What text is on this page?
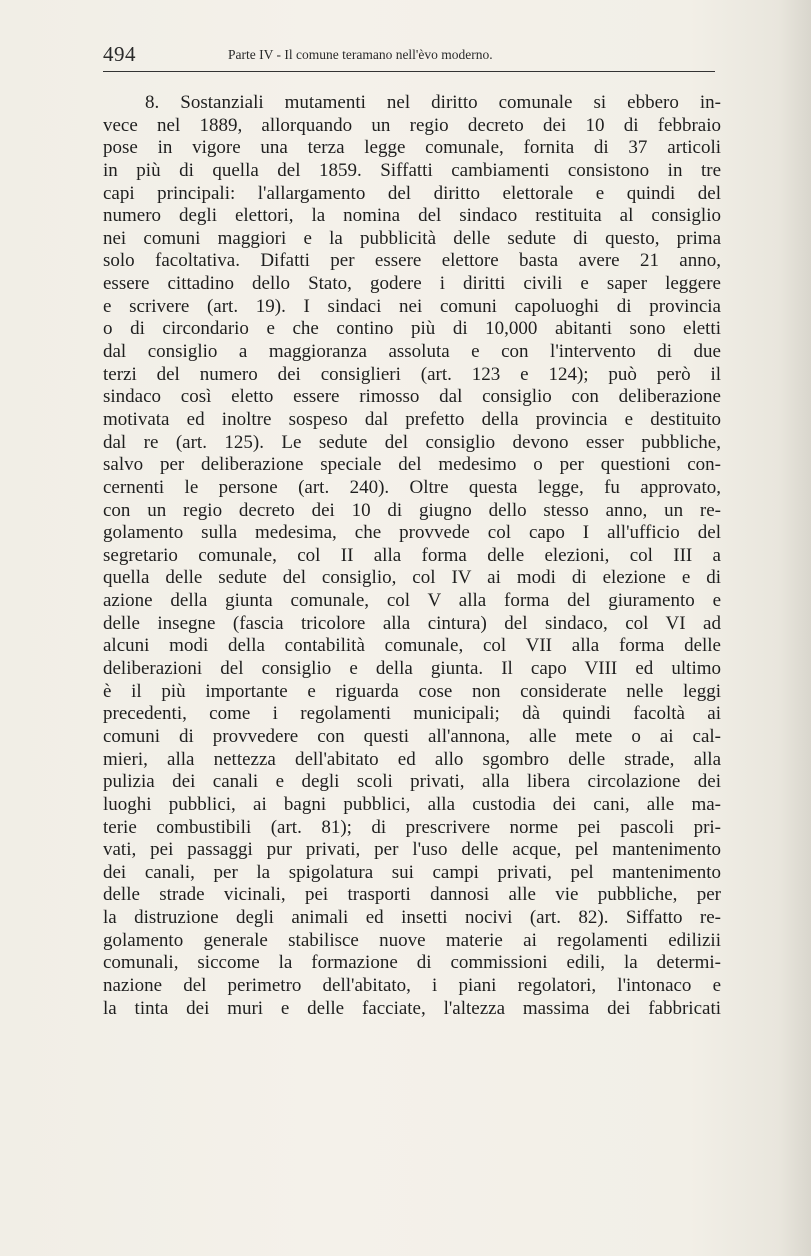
494	Parte IV - Il comune teramano nell'èvo moderno.
8. Sostanziali mutamenti nel diritto comunale si ebbero in-
vece nel 1889, allorquando un regio decreto dei 10 di febbraio
pose in vigore una terza legge comunale, fornita di 37 articoli
in più di quella del 1859. Siffatti cambiamenti consistono in tre
capi principali: l'allargamento del diritto elettorale e quindi del
numero degli elettori, la nomina del sindaco restituita al consiglio
nei comuni maggiori e la pubblicità delle sedute di questo, prima
solo facoltativa. Difatti per essere elettore basta avere 21 anno,
essere cittadino dello Stato, godere i diritti civili e saper leggere
e scrivere (art. 19). I sindaci nei comuni capoluoghi di provincia
o di circondario e che contino più di 10,000 abitanti sono eletti
dal consiglio a maggioranza assoluta e con l'intervento di due
terzi del numero dei consiglieri (art. 123 e 124); può però il
sindaco così eletto essere rimosso dal consiglio con deliberazione
motivata ed inoltre sospeso dal prefetto della provincia e destituito
dal re (art. 125). Le sedute del consiglio devono esser pubbliche,
salvo per deliberazione speciale del medesimo o per questioni con-
cernenti le persone (art. 240). Oltre questa legge, fu approvato,
con un regio decreto dei 10 di giugno dello stesso anno, un re-
golamento sulla medesima, che provvede col capo I all'ufficio del
segretario comunale, col II alla forma delle elezioni, col III a
quella delle sedute del consiglio, col IV ai modi di elezione e di
azione della giunta comunale, col V alla forma del giuramento e
delle insegne (fascia tricolore alla cintura) del sindaco, col VI ad
alcuni modi della contabilità comunale, col VII alla forma delle
deliberazioni del consiglio e della giunta. Il capo VIII ed ultimo
è il più importante e riguarda cose non considerate nelle leggi
precedenti, come i regolamenti municipali; dà quindi facoltà ai
comuni di provvedere con questi all'annona, alle mete o ai cal-
mieri, alla nettezza dell'abitato ed allo sgombro delle strade, alla
pulizia dei canali e degli scoli privati, alla libera circolazione dei
luoghi pubblici, ai bagni pubblici, alla custodia dei cani, alle ma-
terie combustibili (art. 81); di prescrivere norme pei pascoli pri-
vati, pei passaggi pur privati, per l'uso delle acque, pel mantenimento
dei canali, per la spigolatura sui campi privati, pel mantenimento
delle strade vicinali, pei trasporti dannosi alle vie pubbliche, per
la distruzione degli animali ed insetti nocivi (art. 82). Siffatto re-
golamento generale stabilisce nuove materie ai regolamenti edilizii
comunali, siccome la formazione di commissioni edili, la determi-
nazione del perimetro dell'abitato, i piani regolatori, l'intonaco e
la tinta dei muri e delle facciate, l'altezza massima dei fabbricati
